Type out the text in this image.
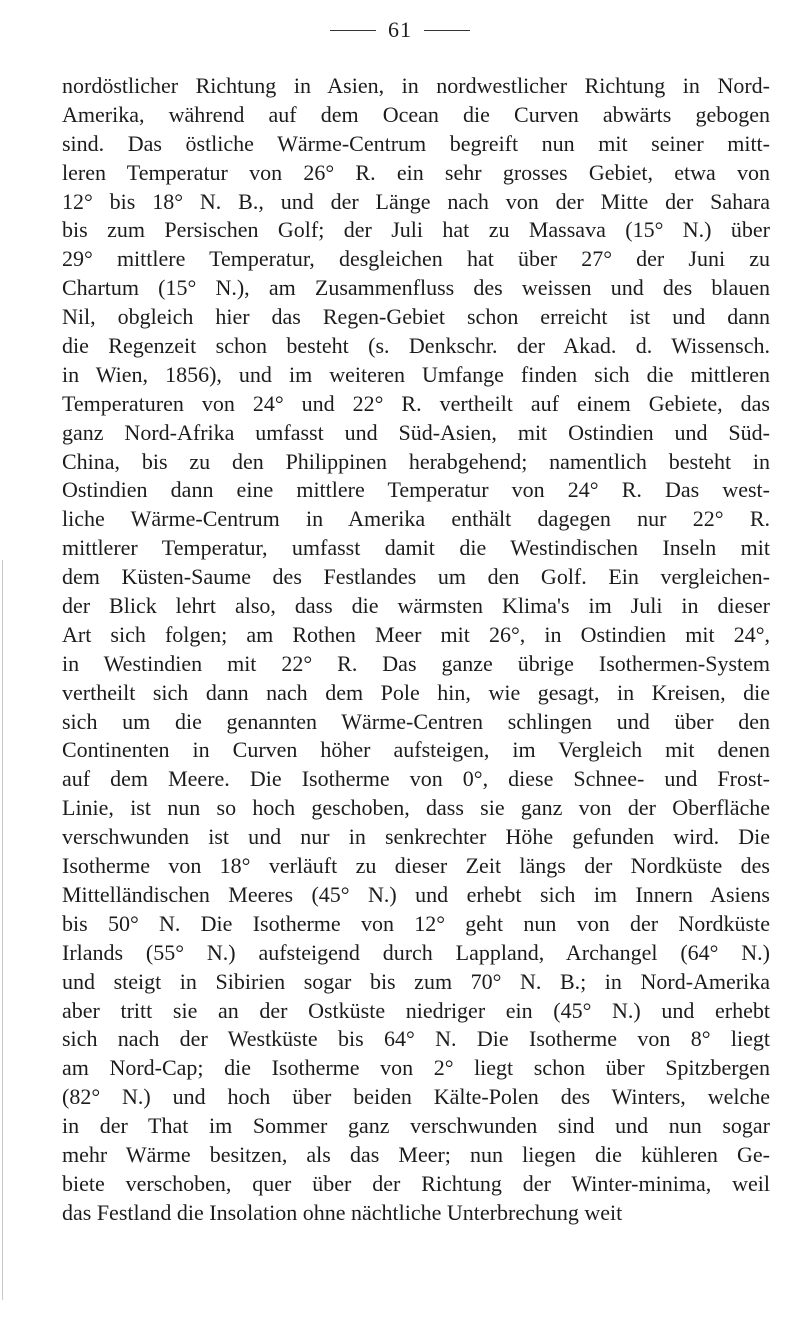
61
nordöstlicher Richtung in Asien, in nordwestlicher Richtung in Nord-
Amerika, während auf dem Ocean die Curven abwärts gebogen
sind. Das östliche Wärme-Centrum begreift nun mit seiner mitt-
leren Temperatur von 26° R. ein sehr grosses Gebiet, etwa von
12° bis 18° N. B., und der Länge nach von der Mitte der Sahara
bis zum Persischen Golf; der Juli hat zu Massava (15° N.) über
29° mittlere Temperatur, desgleichen hat über 27° der Juni zu
Chartum (15° N.), am Zusammenfluss des weissen und des blauen
Nil, obgleich hier das Regen-Gebiet schon erreicht ist und dann
die Regenzeit schon besteht (s. Denkschr. der Akad. d. Wissensch.
in Wien, 1856), und im weiteren Umfange finden sich die mittleren
Temperaturen von 24° und 22° R. vertheilt auf einem Gebiete, das
ganz Nord-Afrika umfasst und Süd-Asien, mit Ostindien und Süd-
China, bis zu den Philippinen herabgehend; namentlich besteht in
Ostindien dann eine mittlere Temperatur von 24° R. Das west-
liche Wärme-Centrum in Amerika enthält dagegen nur 22° R.
mittlerer Temperatur, umfasst damit die Westindischen Inseln mit
dem Küsten-Saume des Festlandes um den Golf. Ein vergleichen-
der Blick lehrt also, dass die wärmsten Klima's im Juli in dieser
Art sich folgen; am Rothen Meer mit 26°, in Ostindien mit 24°,
in Westindien mit 22° R. Das ganze übrige Isothermen-System
vertheilt sich dann nach dem Pole hin, wie gesagt, in Kreisen, die
sich um die genannten Wärme-Centren schlingen und über den
Continenten in Curven höher aufsteigen, im Vergleich mit denen
auf dem Meere. Die Isotherme von 0°, diese Schnee- und Frost-
Linie, ist nun so hoch geschoben, dass sie ganz von der Oberfläche
verschwunden ist und nur in senkrechter Höhe gefunden wird. Die
Isotherme von 18° verläuft zu dieser Zeit längs der Nordküste des
Mittelländischen Meeres (45° N.) und erhebt sich im Innern Asiens
bis 50° N. Die Isotherme von 12° geht nun von der Nordküste
Irlands (55° N.) aufsteigend durch Lappland, Archangel (64° N.)
und steigt in Sibirien sogar bis zum 70° N. B.; in Nord-Amerika
aber tritt sie an der Ostküste niedriger ein (45° N.) und erhebt
sich nach der Westküste bis 64° N. Die Isotherme von 8° liegt
am Nord-Cap; die Isotherme von 2° liegt schon über Spitzbergen
(82° N.) und hoch über beiden Kälte-Polen des Winters, welche
in der That im Sommer ganz verschwunden sind und nun sogar
mehr Wärme besitzen, als das Meer; nun liegen die kühleren Ge-
biete verschoben, quer über der Richtung der Winter-minima, weil
das Festland die Insolation ohne nächtliche Unterbrechung weit
